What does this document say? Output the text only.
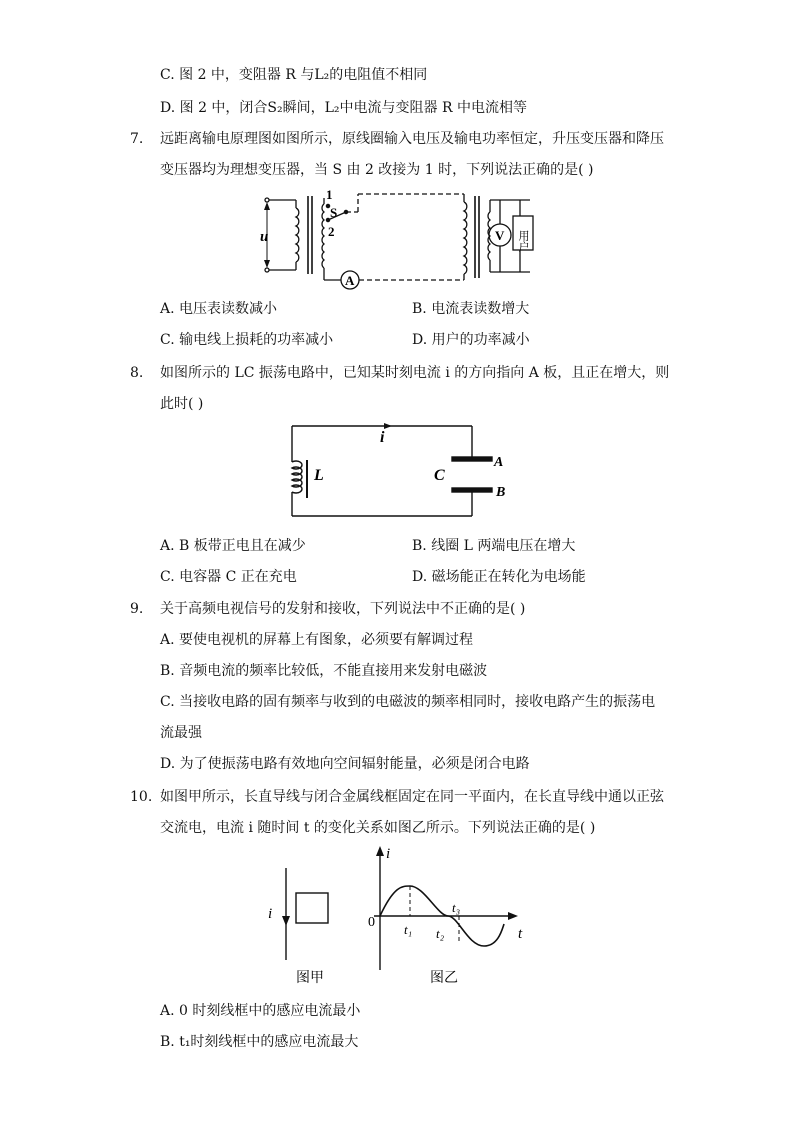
C. 图 2 中，变阻器 R 与L₂的电阻值不相同
D. 图 2 中，闭合S₂瞬间，L₂中电流与变阻器 R 中电流相等
7. 远距离输电原理图如图所示，原线圈输入电压及输电功率恒定，升压变压器和降压
变压器均为理想变压器，当 S 由 2 改接为 1 时，下列说法正确的是( )
u
1
S
2
A
V 用户
A. 电压表读数减小	B. 电流表读数增大
C. 输电线上损耗的功率减小	D. 用户的功率减小
8. 如图所示的 LC 振荡电路中，已知某时刻电流 i 的方向指向 A 板，且正在增大，则
此时( )
i
L	C
A
B
A. B 板带正电且在减少	B. 线圈 L 两端电压在增大
C. 电容器 C 正在充电	D. 磁场能正在转化为电场能
9. 关于高频电视信号的发射和接收，下列说法中不正确的是( )
A. 要使电视机的屏幕上有图象，必须要有解调过程
B. 音频电流的频率比较低，不能直接用来发射电磁波
C. 当接收电路的固有频率与收到的电磁波的频率相同时，接收电路产生的振荡电
流最强
D. 为了使振荡电路有效地向空间辐射能量，必须是闭合电路
10. 如图甲所示，长直导线与闭合金属线框固定在同一平面内，在长直导线中通以正弦
交流电，电流 i 随时间 t 的变化关系如图乙所示。下列说法正确的是( )
i
图甲
i
t
0 t₁ t₂
t₃
图乙
A. 0 时刻线框中的感应电流最小
B. t₁时刻线框中的感应电流最大
